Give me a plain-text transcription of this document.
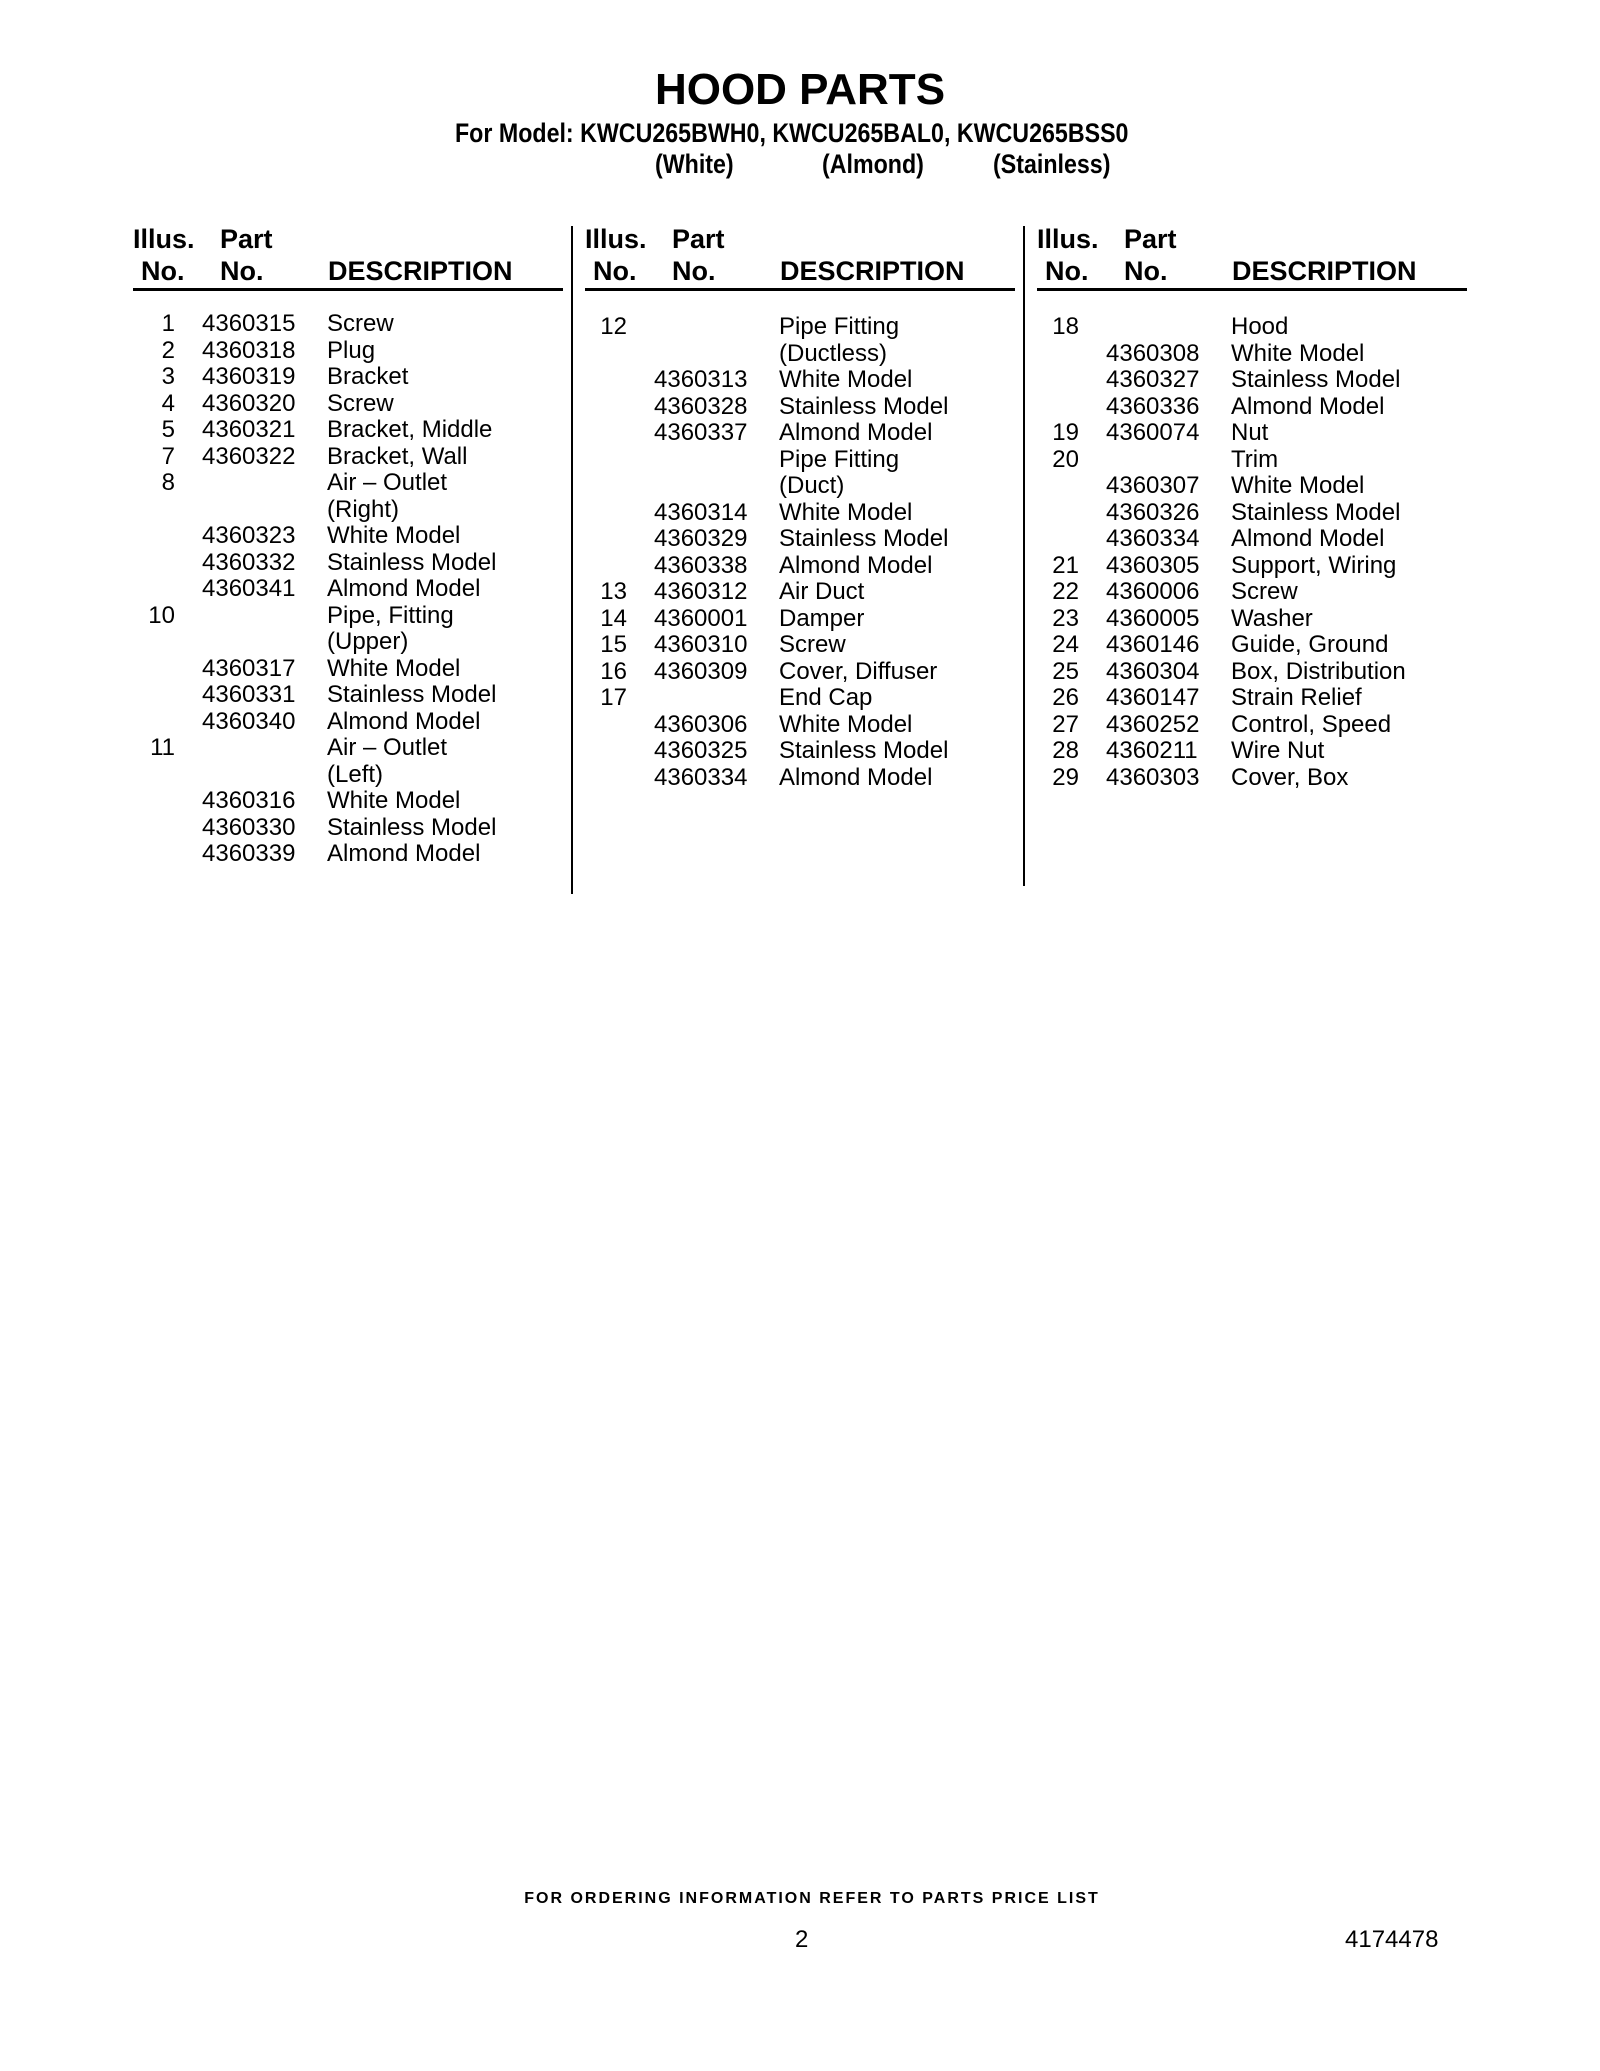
HOOD PARTS
For Model: KWCU265BWH0, KWCU265BAL0, KWCU265BSS0
(White)	(Almond)	(Stainless)
Illus.
No.
Part
No. DESCRIPTION
1 4360315 Screw
2 4360318 Plug
3 4360319 Bracket
4 4360320 Screw
5 4360321 Bracket, Middle
7 4360322 Bracket, Wall
8	Air – Outlet
(Right)
4360323 White Model
4360332 Stainless Model
4360341 Almond Model
10	Pipe, Fitting
(Upper)
4360317 White Model
4360331 Stainless Model
4360340 Almond Model
11	Air – Outlet
(Left)
4360316 White Model
4360330 Stainless Model
4360339 Almond Model
Illus.
No.
Part
No. DESCRIPTION
12	Pipe Fitting
(Ductless)
4360313 White Model
4360328 Stainless Model
4360337 Almond Model
Pipe Fitting
(Duct)
4360314 White Model
4360329 Stainless Model
4360338 Almond Model
13 4360312 Air Duct
14 4360001 Damper
15 4360310 Screw
16 4360309 Cover, Diffuser
17	End Cap
4360306 White Model
4360325 Stainless Model
4360334 Almond Model
Illus.
No.
Part
No. DESCRIPTION
18	Hood
4360308 White Model
4360327 Stainless Model
4360336 Almond Model
19 4360074 Nut
20	Trim
4360307 White Model
4360326 Stainless Model
4360334 Almond Model
21 4360305 Support, Wiring
22 4360006 Screw
23 4360005 Washer
24 4360146 Guide, Ground
25 4360304 Box, Distribution
26 4360147 Strain Relief
27 4360252 Control, Speed
28 4360211 Wire Nut
29 4360303 Cover, Box
FOR ORDERING INFORMATION REFER TO PARTS PRICE LIST
2	4174478
